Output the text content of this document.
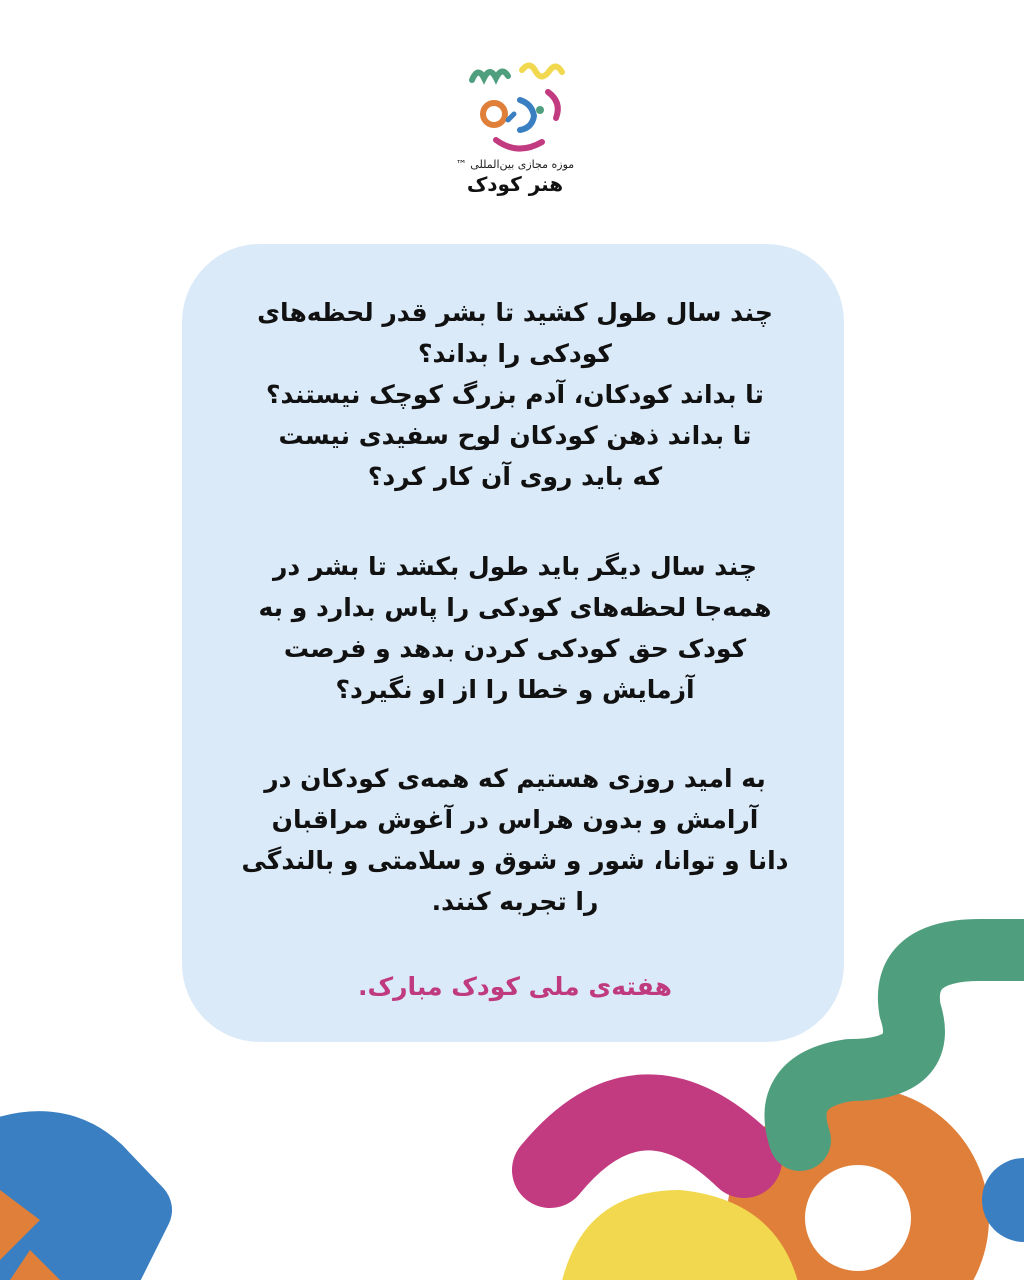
موزه مجازی بین‌المللی ™
هنر کودک
چند سال طول کشید تا بشر قدر لحظه‌های
کودکی را بداند؟
تا بداند کودکان، آدم بزرگ کوچک نیستند؟
تا بداند ذهن کودکان لوح سفیدی نیست
که باید روی آن کار کرد؟
چند سال دیگر باید طول بکشد تا بشر در
همه‌جا لحظه‌های کودکی را پاس بدارد و به
کودک حق کودکی کردن بدهد و فرصت
آزمایش و خطا را از او نگیرد؟
به امید روزی هستیم که همه‌ی کودکان در
آرامش و بدون هراس در آغوش مراقبان
دانا و توانا، شور و شوق و سلامتی و بالندگی
را تجربه کنند.
هفته‌ی ملی کودک مبارک.
